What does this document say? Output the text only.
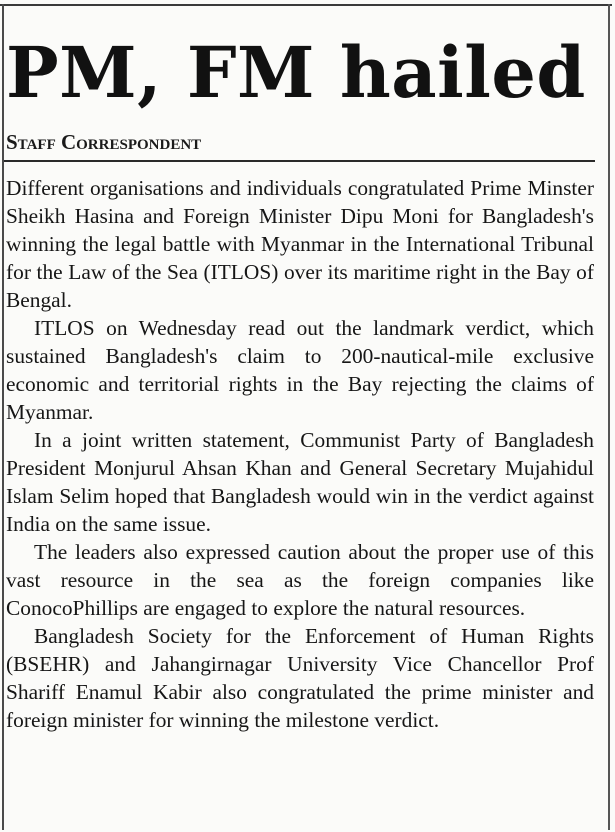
PM, FM hailed
Staff Correspondent

Different organisations and individuals congratulated Prime Minster Sheikh Hasina and Foreign Minister Dipu Moni for Bangladesh's winning the legal battle with Myanmar in the International Tribunal for the Law of the Sea (ITLOS) over its maritime right in the Bay of Bengal.

ITLOS on Wednesday read out the landmark verdict, which sustained Bangladesh's claim to 200-nautical-mile exclusive economic and territorial rights in the Bay rejecting the claims of Myanmar.

In a joint written statement, Communist Party of Bangladesh President Monjurul Ahsan Khan and General Secretary Mujahidul Islam Selim hoped that Bangladesh would win in the verdict against India on the same issue.

The leaders also expressed caution about the proper use of this vast resource in the sea as the foreign companies like ConocoPhillips are engaged to explore the natural resources.

Bangladesh Society for the Enforcement of Human Rights (BSEHR) and Jahangirnagar University Vice Chancellor Prof Shariff Enamul Kabir also congratulated the prime minister and foreign minister for winning the milestone verdict.
